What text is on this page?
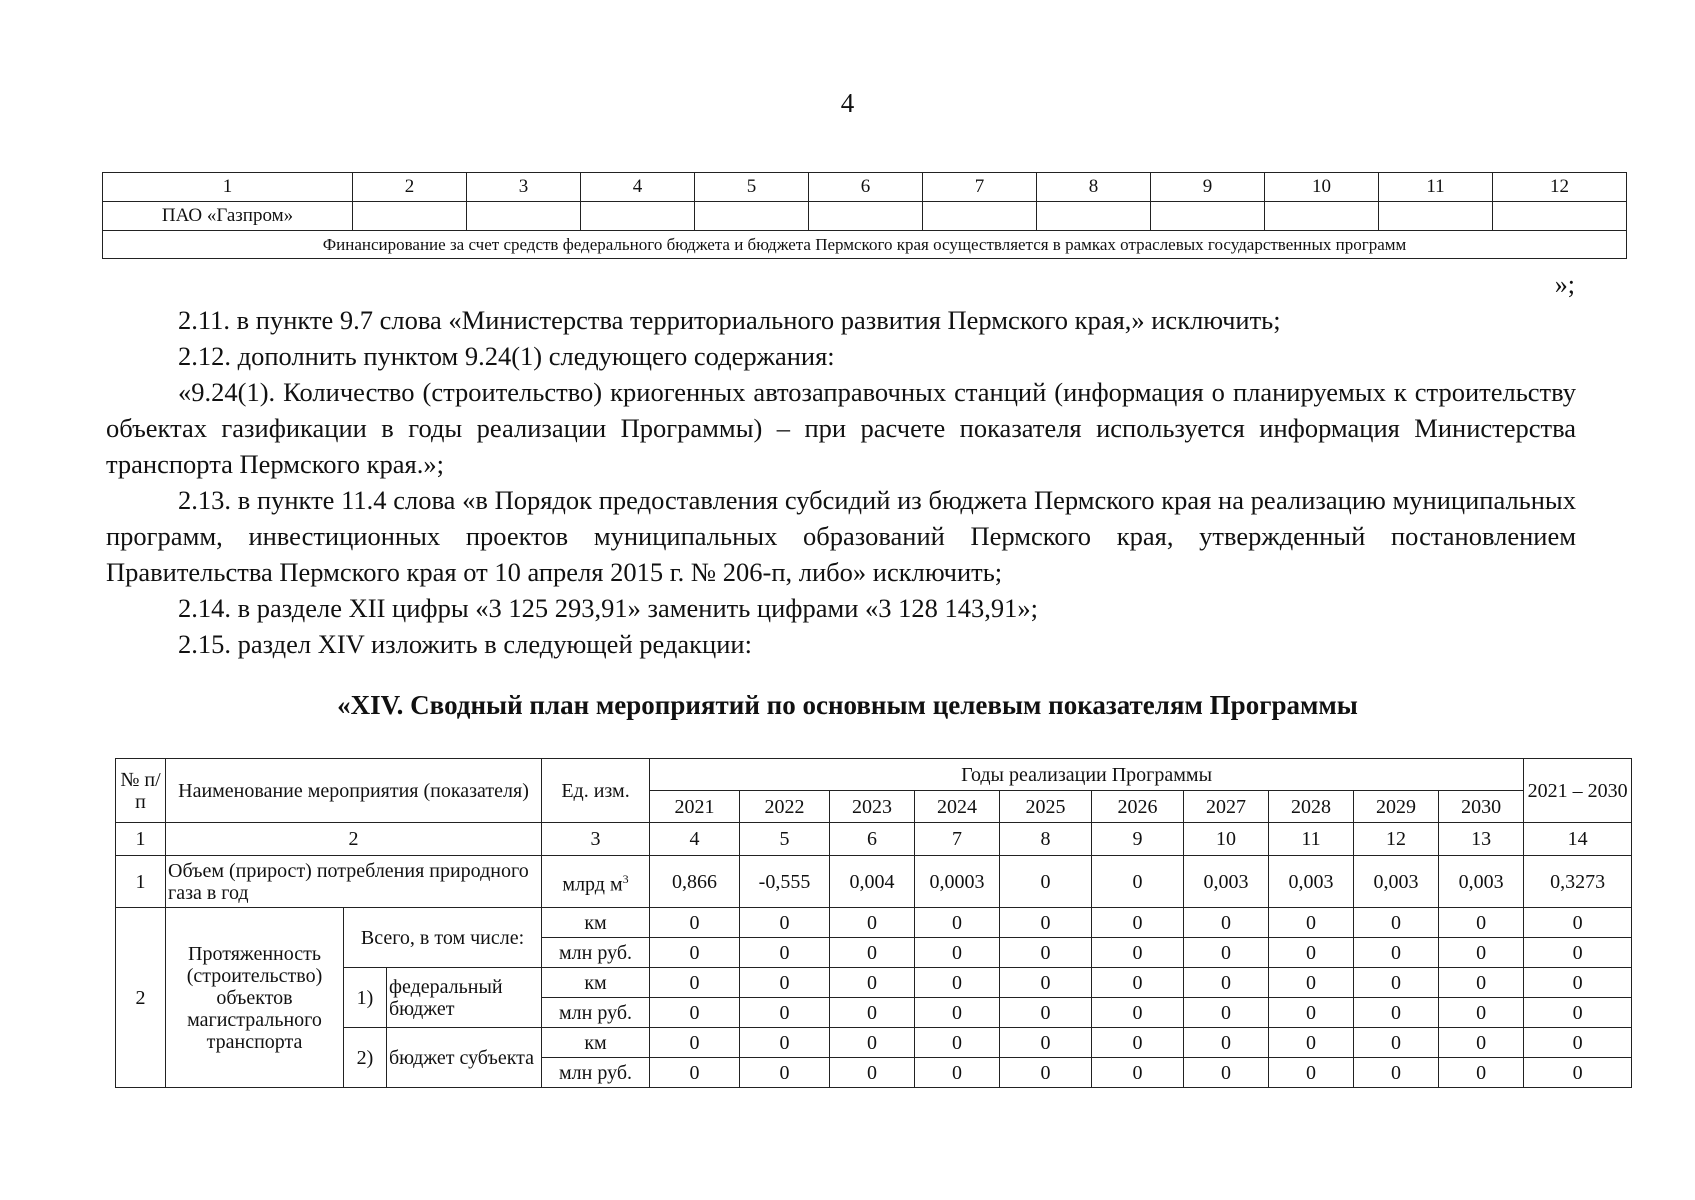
4
1	2	3	4	5	6	7	8	9	10	11	12
ПАО «Газпром»											
Финансирование за счет средств федерального бюджета и бюджета Пермского края осуществляется в рамках отраслевых государственных программ											
»;

2.11. в пункте 9.7 слова «Министерства территориального развития Пермского края,» исключить;

2.12. дополнить пунктом 9.24(1) следующего содержания:

«9.24(1). Количество (строительство) криогенных автозаправочных станций (информация о планируемых к строительству объектах газификации в годы реализации Программы) – при расчете показателя используется информация Министерства транспорта Пермского края.»;

2.13. в пункте 11.4 слова «в Порядок предоставления субсидий из бюджета Пермского края на реализацию муниципальных программ, инвестиционных проектов муниципальных образований Пермского края, утвержденный постановлением Правительства Пермского края от 10 апреля 2015 г. № 206-п, либо» исключить;

2.14. в разделе XII цифры «3 125 293,91» заменить цифрами «3 128 143,91»;

2.15. раздел XIV изложить в следующей редакции:

«XIV. Сводный план мероприятий по основным целевым показателям Программы
№ п/п	Наименование мероприятия (показателя)			Ед. изм.	Годы реализации Программы										2021 – 2030
					2021	2022	2023	2024	2025	2026	2027	2028	2029	2030	
1	2			3	4	5	6	7	8	9	10	11	12	13	14
1	Объем (прирост) потребления природного газа в год			млрд $м^3$	0,866	-0,555	0,004	0,0003	0	0	0,003	0,003	0,003	0,003	0,3273
2	Протяженность (строительство) объектов магистрального транспорта	Всего, в том числе:		км	0	0	0	0	0	0	0	0	0	0	0
				млн руб.	0	0	0	0	0	0	0	0	0	0	0
		1)	федеральный бюджет	км	0	0	0	0	0	0	0	0	0	0	0
				млн руб.	0	0	0	0	0	0	0	0	0	0	0
		2)	бюджет субъекта	км	0	0	0	0	0	0	0	0	0	0	0
				млн руб.	0	0	0	0	0	0	0	0	0	0	0
